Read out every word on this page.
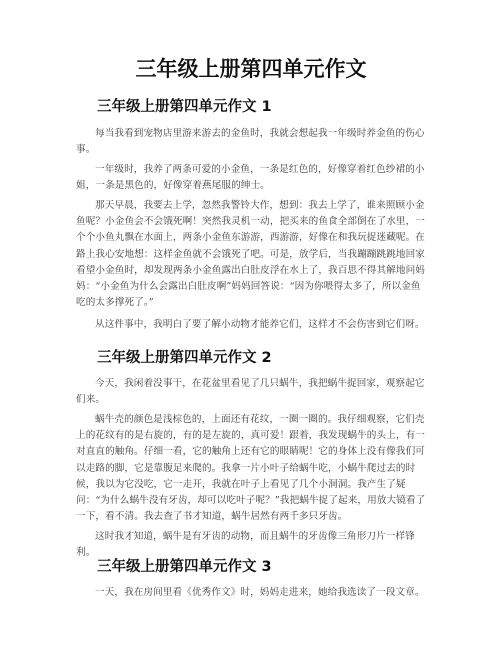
三年级上册第四单元作文
三年级上册第四单元作文 1

每当我看到宠物店里游来游去的金鱼时，我就会想起我一年级时养金鱼的伤心事。

一年级时，我养了两条可爱的小金鱼，一条是红色的，好像穿着红色纱裙的小姐，一条是黑色的，好像穿着燕尾服的绅士。

那天早晨，我要去上学，忽然我警铃大作，想到：我去上学了，谁来照顾小金鱼呢？小金鱼会不会饿死啊！突然我灵机一动，把买来的鱼食全部倒在了水里，一个个小鱼丸飘在水面上，两条小金鱼东游游，西游游，好像在和我玩捉迷藏呢。在路上我心安地想：这样金鱼就不会饿死了吧。可是，放学后，当我蹦蹦跳跳地回家看望小金鱼时，却发现两条小金鱼露出白肚皮浮在水上了，我百思不得其解地问妈妈：“小金鱼为什么会露出白肚皮啊”妈妈回答说：“因为你喂得太多了，所以金鱼吃的太多撑死了。”

从这件事中，我明白了要了解小动物才能养它们，这样才不会伤害到它们呀。

三年级上册第四单元作文 2

今天，我闲着没事干，在花盆里看见了几只蜗牛，我把蜗牛捉回家，观察起它们来。

蜗牛壳的颜色是浅棕色的，上面还有花纹，一圈一圈的。我仔细观察，它们壳上的花纹有的是右旋的，有的是左旋的，真可爱！跟着，我发现蜗牛的头上，有一对直直的触角。仔细一看，它的触角上还有它的眼睛呢！它的身体上没有像我们可以走路的脚，它是靠腹足来爬的。我拿一片小叶子给蜗牛吃，小蜗牛爬过去的时候，我以为它没吃，它一走开，我就在叶子上看见了几个小洞洞。我产生了疑问：“为什么蜗牛没有牙齿，却可以吃叶子呢？”我把蜗牛捉了起来，用放大镜看了一下，看不清。我去查了书才知道，蜗牛居然有两千多只牙齿。

这时我才知道，蜗牛是有牙齿的动物，而且蜗牛的牙齿像三角形刀片一样锋利。

三年级上册第四单元作文 3

一天，我在房间里看《优秀作文》时，妈妈走进来，她给我选读了一段文章。
